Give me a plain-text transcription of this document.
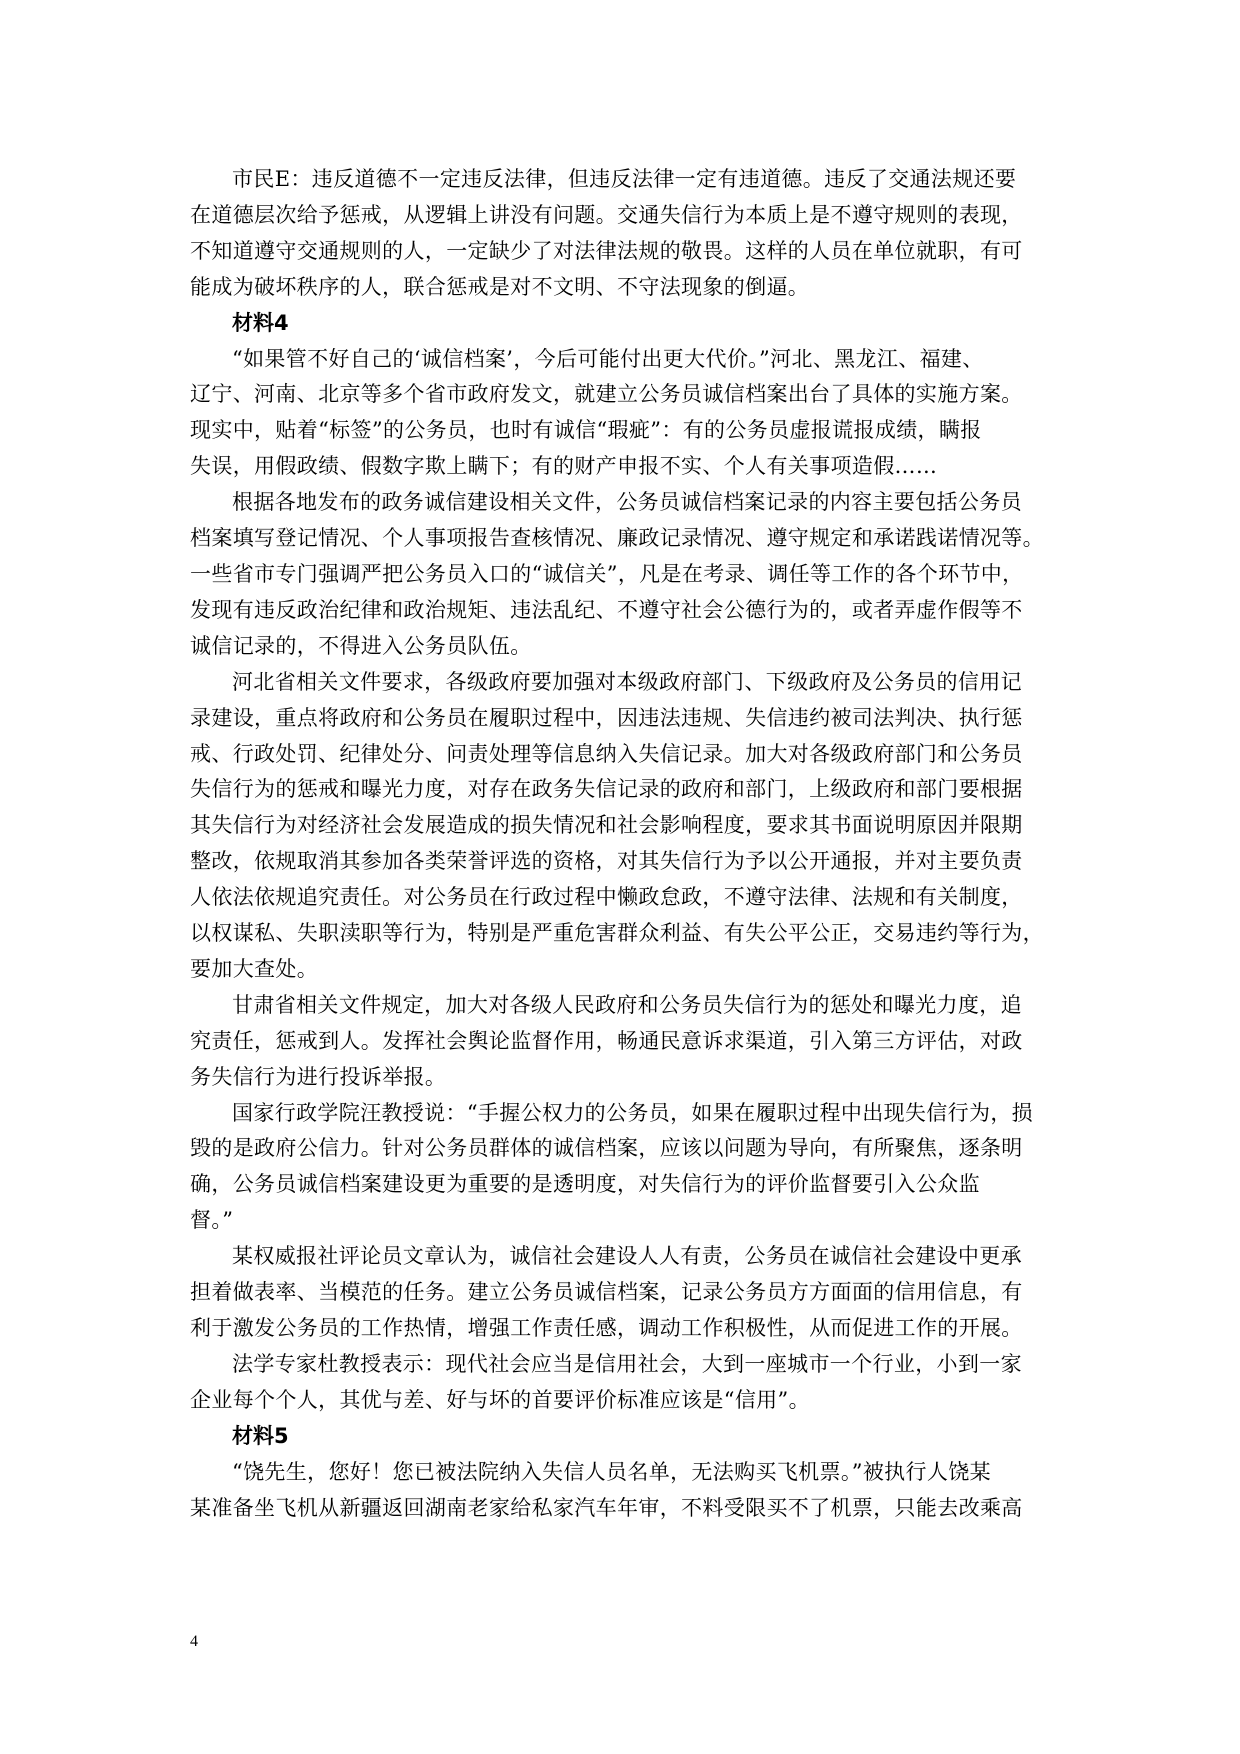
市民E：违反道德不一定违反法律，但违反法律一定有违道德。违反了交通法规还要
在道德层次给予惩戒，从逻辑上讲没有问题。交通失信行为本质上是不遵守规则的表现，
不知道遵守交通规则的人，一定缺少了对法律法规的敬畏。这样的人员在单位就职，有可
能成为破坏秩序的人，联合惩戒是对不文明、不守法现象的倒逼。

材料4

“如果管不好自己的‘诚信档案’，今后可能付出更大代价。”河北、黑龙江、福建、
辽宁、河南、北京等多个省市政府发文，就建立公务员诚信档案出台了具体的实施方案。
现实中，贴着“标签”的公务员，也时有诚信“瑕疵”：有的公务员虚报谎报成绩，瞒报
失误，用假政绩、假数字欺上瞒下；有的财产申报不实、个人有关事项造假……

根据各地发布的政务诚信建设相关文件，公务员诚信档案记录的内容主要包括公务员
档案填写登记情况、个人事项报告查核情况、廉政记录情况、遵守规定和承诺践诺情况等。
一些省市专门强调严把公务员入口的“诚信关”，凡是在考录、调任等工作的各个环节中，
发现有违反政治纪律和政治规矩、违法乱纪、不遵守社会公德行为的，或者弄虚作假等不
诚信记录的，不得进入公务员队伍。

河北省相关文件要求，各级政府要加强对本级政府部门、下级政府及公务员的信用记
录建设，重点将政府和公务员在履职过程中，因违法违规、失信违约被司法判决、执行惩
戒、行政处罚、纪律处分、问责处理等信息纳入失信记录。加大对各级政府部门和公务员
失信行为的惩戒和曝光力度，对存在政务失信记录的政府和部门，上级政府和部门要根据
其失信行为对经济社会发展造成的损失情况和社会影响程度，要求其书面说明原因并限期
整改，依规取消其参加各类荣誉评选的资格，对其失信行为予以公开通报，并对主要负责
人依法依规追究责任。对公务员在行政过程中懒政怠政，不遵守法律、法规和有关制度，
以权谋私、失职渎职等行为，特别是严重危害群众利益、有失公平公正，交易违约等行为，
要加大查处。

甘肃省相关文件规定，加大对各级人民政府和公务员失信行为的惩处和曝光力度，追
究责任，惩戒到人。发挥社会舆论监督作用，畅通民意诉求渠道，引入第三方评估，对政
务失信行为进行投诉举报。

国家行政学院汪教授说：“手握公权力的公务员，如果在履职过程中出现失信行为，损
毁的是政府公信力。针对公务员群体的诚信档案，应该以问题为导向，有所聚焦，逐条明
确，公务员诚信档案建设更为重要的是透明度，对失信行为的评价监督要引入公众监
督。”

某权威报社评论员文章认为，诚信社会建设人人有责，公务员在诚信社会建设中更承
担着做表率、当模范的任务。建立公务员诚信档案，记录公务员方方面面的信用信息，有
利于激发公务员的工作热情，增强工作责任感，调动工作积极性，从而促进工作的开展。

法学专家杜教授表示：现代社会应当是信用社会，大到一座城市一个行业，小到一家
企业每个个人，其优与差、好与坏的首要评价标准应该是“信用”。

材料5

“饶先生，您好！您已被法院纳入失信人员名单，无法购买飞机票。”被执行人饶某
某准备坐飞机从新疆返回湖南老家给私家汽车年审，不料受限买不了机票，只能去改乘高

4
